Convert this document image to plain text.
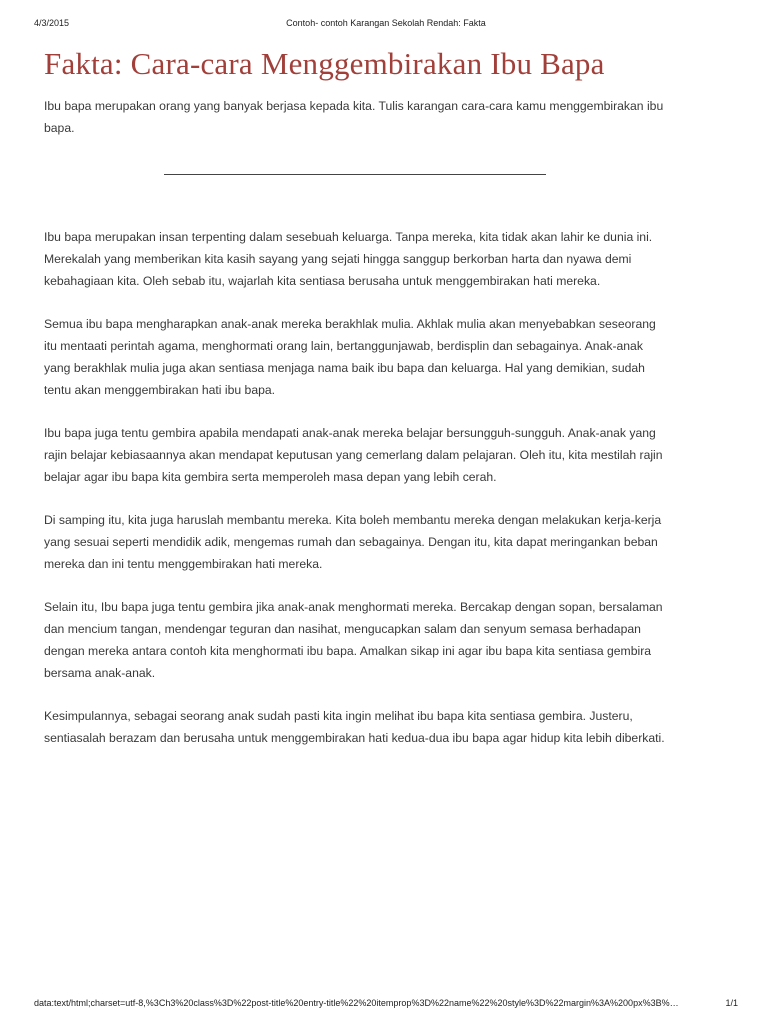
4/3/2015	Contoh- contoh Karangan Sekolah Rendah: Fakta
Fakta: Cara-cara Menggembirakan Ibu Bapa

Ibu bapa merupakan orang yang banyak berjasa kepada kita. Tulis karangan cara-cara kamu menggembirakan ibu bapa.

Ibu bapa merupakan insan terpenting dalam sesebuah keluarga. Tanpa mereka, kita tidak akan lahir ke dunia ini. Merekalah yang memberikan kita kasih sayang yang sejati hingga sanggup berkorban harta dan nyawa demi kebahagiaan kita. Oleh sebab itu, wajarlah kita sentiasa berusaha untuk menggembirakan hati mereka.

Semua ibu bapa mengharapkan anak-anak mereka berakhlak mulia. Akhlak mulia akan menyebabkan seseorang itu mentaati perintah agama, menghormati orang lain, bertanggunjawab, berdisplin dan sebagainya. Anak-anak yang berakhlak mulia juga akan sentiasa menjaga nama baik ibu bapa dan keluarga. Hal yang demikian, sudah tentu akan menggembirakan hati ibu bapa.

Ibu bapa juga tentu gembira apabila mendapati anak-anak mereka belajar bersungguh-sungguh. Anak-anak yang rajin belajar kebiasaannya akan mendapat keputusan yang cemerlang dalam pelajaran. Oleh itu, kita mestilah rajin belajar agar ibu bapa kita gembira serta memperoleh masa depan yang lebih cerah.

Di samping itu, kita juga haruslah membantu mereka. Kita boleh membantu mereka dengan melakukan kerja-kerja yang sesuai seperti mendidik adik, mengemas rumah dan sebagainya. Dengan itu, kita dapat meringankan beban mereka dan ini tentu menggembirakan hati mereka.

Selain itu, Ibu bapa juga tentu gembira jika anak-anak menghormati mereka. Bercakap dengan sopan, bersalaman dan mencium tangan, mendengar teguran dan nasihat, mengucapkan salam dan senyum semasa berhadapan dengan mereka antara contoh kita menghormati ibu bapa. Amalkan sikap ini agar ibu bapa kita sentiasa gembira bersama anak-anak.

Kesimpulannya, sebagai seorang anak sudah pasti kita ingin melihat ibu bapa kita sentiasa gembira. Justeru, sentiasalah berazam dan berusaha untuk menggembirakan hati kedua-dua ibu bapa agar hidup kita lebih diberkati.

data:text/html;charset=utf-8,%3Ch3%20class%3D%22post-title%20entry-title%22%20itemprop%3D%22name%22%20style%3D%22margin%3A%200px%3B%…	1/1
